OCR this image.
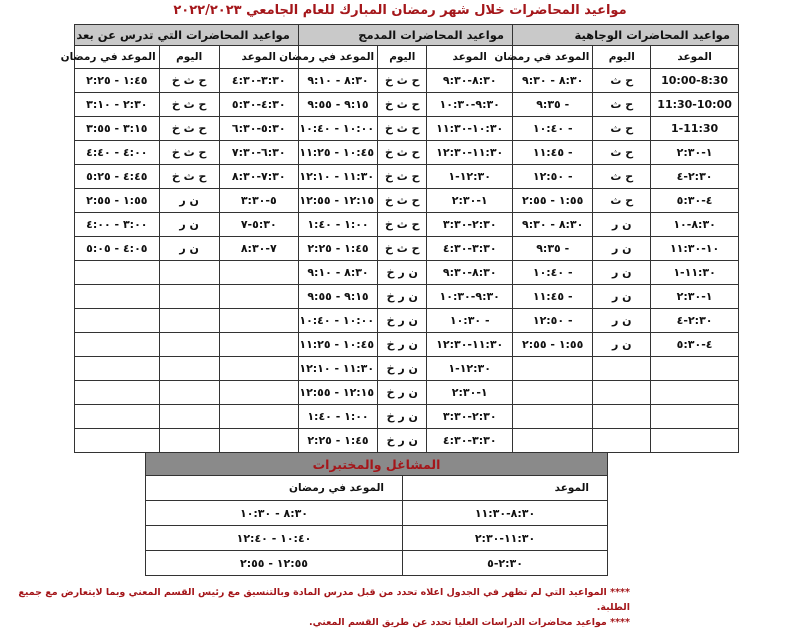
مواعيد المحاضرات خلال شهر رمضان المبارك للعام الجامعي ٢٠٢٢/٢٠٢٣
مواعيد المحاضرات الوجاهية			مواعيد المحاضرات المدمج			مواعيد المحاضرات التي تدرس عن بعد		
الموعد	اليوم	الموعد في رمضان	الموعد	اليوم	الموعد في رمضان	الموعد	اليوم	الموعد في رمضان
10:00-8:30	ح ث	٨:٣٠ - ٩:٣٠	٨:٣٠-٩:٣٠	ح ث خ	٨:٣٠ - ٩:١٠	٣:٣٠-٤:٣٠	ح ث خ	١:٤٥ - ٢:٢٥
11:30-10:00	ح ث	٩:٣٥ -	٩:٣٠-١٠:٣٠	ح ث خ	٩:١٥ - ٩:٥٥	٤:٣٠-٥:٣٠	ح ث خ	٢:٣٠ - ٣:١٠
1-11:30	ح ث	١٠:٤٠ -	١٠:٣٠-١١:٣٠	ح ث خ	١٠:٠٠ - ١٠:٤٠	٥:٣٠-٦:٣٠	ح ث خ	٣:١٥ - ٣:٥٥
١-٢:٣٠	ح ث	١١:٤٥ -	١١:٣٠-١٢:٣٠	ح ث خ	١٠:٤٥ - ١١:٢٥	٦:٣٠-٧:٣٠	ح ث خ	٤:٠٠ - ٤:٤٠
٢:٣٠-٤	ح ث	١٢:٥٠ -	١٢:٣٠-١	ح ث خ	١١:٣٠ - ١٢:١٠	٧:٣٠-٨:٣٠	ح ث خ	٤:٤٥ - ٥:٢٥
٤-٥:٣٠	ح ث	١:٥٥ - ٢:٥٥	١-٢:٣٠	ح ث خ	١٢:١٥ - ١٢:٥٥	٥-٣:٣٠	ن ر	١:٥٥ - ٢:٥٥
٨:٣٠-١٠	ن ر	٨:٣٠ - ٩:٣٠	٢:٣٠-٣:٣٠	ح ث خ	١:٠٠ - ١:٤٠	٥:٣٠-٧	ن ر	٣:٠٠ - ٤:٠٠
١٠-١١:٣٠	ن ر	٩:٣٥ -	٣:٣٠-٤:٣٠	ح ث خ	١:٤٥ - ٢:٢٥	٧-٨:٣٠	ن ر	٤:٠٥ - ٥:٠٥
١١:٣٠-١	ن ر	١٠:٤٠ -	٨:٣٠-٩:٣٠	ن ر خ	٨:٣٠ - ٩:١٠			
١-٢:٣٠	ن ر	١١:٤٥ -	٩:٣٠-١٠:٣٠	ن ر خ	٩:١٥ - ٩:٥٥			
٢:٣٠-٤	ن ر	١٢:٥٠ -	١٠:٣٠ -	ن ر خ	١٠:٠٠ - ١٠:٤٠			
٤-٥:٣٠	ن ر	١:٥٥ - ٢:٥٥	١١:٣٠-١٢:٣٠	ن ر خ	١٠:٤٥ - ١١:٢٥			
			١٢:٣٠-١	ن ر خ	١١:٣٠ - ١٢:١٠			
			١-٢:٣٠	ن ر خ	١٢:١٥ - ١٢:٥٥			
			٢:٣٠-٣:٣٠	ن ر خ	١:٠٠ - ١:٤٠			
			٣:٣٠-٤:٣٠	ن ر خ	١:٤٥ - ٢:٢٥			
المشاغل والمختبرات	
الموعد	الموعد في رمضان
٨:٣٠-١١:٣٠	٨:٣٠ - ١٠:٣٠
١١:٣٠-٢:٣٠	١٠:٤٠ - ١٢:٤٠
٢:٣٠-٥	١٢:٥٥ - ٢:٥٥
**** المواعيد التي لم تظهر في الجدول اعلاه تحدد من قبل مدرس المادة وبالتنسيق مع رئيس القسم المعني وبما لايتعارض مع جميع الطلبة.
**** مواعيد محاضرات الدراسات العليا تحدد عن طريق القسم المعني.
